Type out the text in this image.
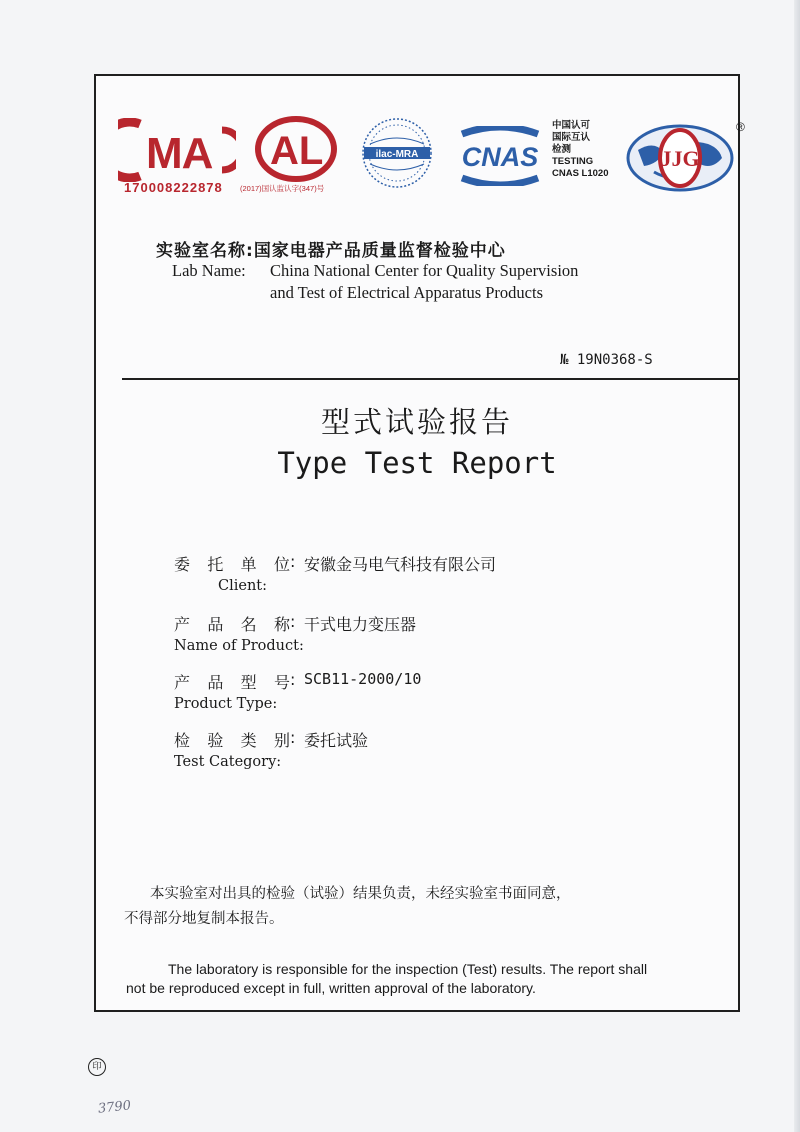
MA
170008222878 (2017)国认监认字(347)号
AL	ilac-MRA CNAS
中国认可
国际互认
检测
TESTING
CNAS L1020
JJG
®
实验室名称:国家电器产品质量监督检验中心
Lab Name: China National Center for Quality Supervision
and Test of Electrical Apparatus Products
№ 19N0368-S
型式试验报告
Type Test Report
委托单位 : 安徽金马电气科技有限公司
Client:
产品名称 : 干式电力变压器
Name of Product:
产品型号 : SCB11-2000/10
Product Type:
检验类别 : 委托试验
Test Category:
本实验室对出具的检验（试验）结果负责，未经实验室书面同意，
不得部分地复制本报告。
The laboratory is responsible for the inspection (Test) results. The report shall
not be reproduced except in full, written approval of the laboratory.
印
3790
